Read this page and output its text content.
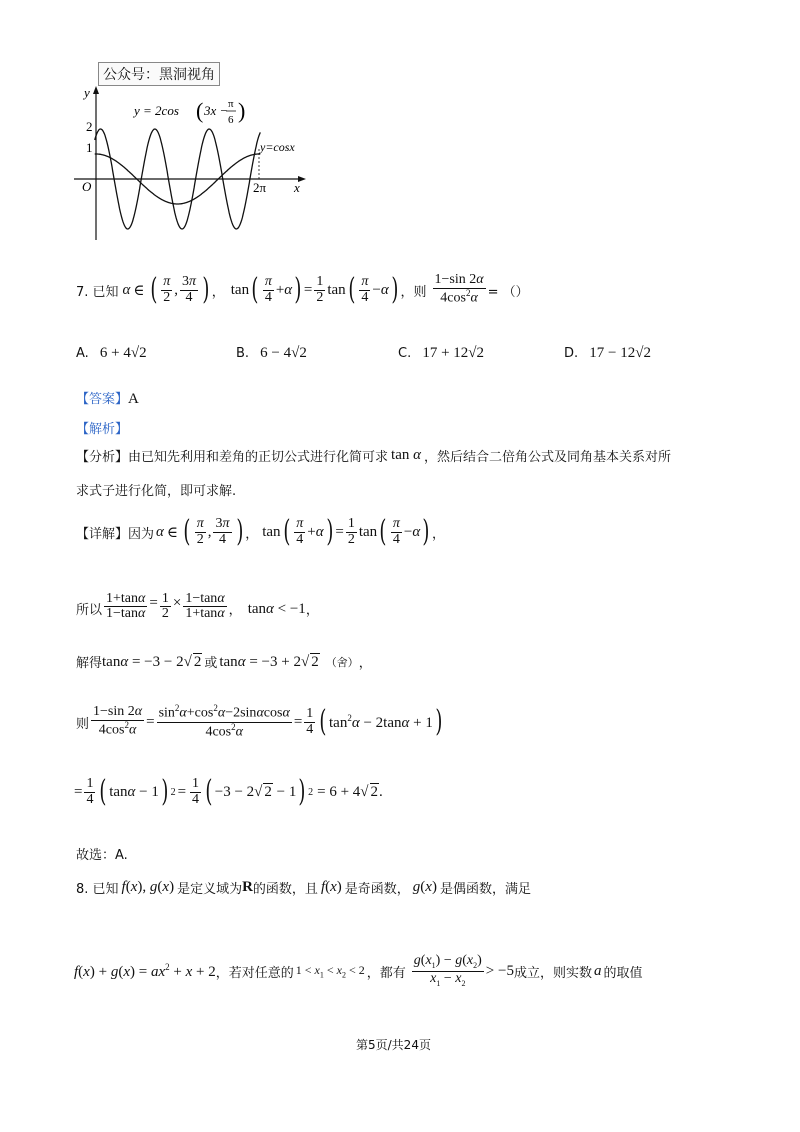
公众号：黑洞视角
y
x
O
2
1
2π
y=cosx
y = 2cos ( 3x − π
6 )
7. 已知 α ∈ ( $\frac{\pi}{2}$ , $\frac{3\pi}{4}$ ) ， tan ( $\frac{\pi}{4} +\alpha$ ) = $\frac{1}{2}$ tan ( $\frac{\pi}{4} -\alpha$ ) ，则 $\frac{1-\sin 2\alpha}{4\cos^2\alpha}$ = （）
A. 6 + 4√2	B. 6 − 4√2	C. 17 + 12√2	D. 17 − 12√2
【答案】A
【解析】
【分析】 由已知先利用和差角的正切公式进行化简可求 tan α ，然后结合二倍角公式及同角基本关系对所
求式子进行化简，即可求解.
【详解】因为 α ∈ ( $\frac{\pi}{2}$ , $\frac{3\pi}{4}$ ) ， tan ( $\frac{\pi}{4} +\alpha$ ) = $\frac{1}{2}$ tan ( $\frac{\pi}{4} -\alpha$ ) ，
所以 $\frac{1+\tan\alpha}{1-\tan\alpha} = \frac{1}{2} \times \frac{1-\tan\alpha}{1+\tan\alpha}$ ， tanα < −1 ，
解得 tanα = −3 − 2√ 2 或 tanα = −3 + 2√ 2 （舍） ，
则 $\frac{1-\sin 2\alpha}{4\cos^2\alpha} = \frac{\sin^2\alpha+\cos^2\alpha-2\sin\alpha\cos\alpha}{4\cos^2\alpha} = \frac{1}{4}$ ( $\tan^2\alpha - 2\tan\alpha + 1$ )
= $\frac{1}{4}$ ( tanα − 1 ) $2 = \frac{1}{4}$ ( −3 − 2√ 2 − 1 ) 2 = 6 + 4√ 2 .
故选：A.
8. 已知 f(x), g(x) 是定义域为 R 的函数，且 f(x) 是奇函数， g(x) 是偶函数，满足
$f(x) + g(x) = ax^2 + x + 2$ ，若对任意的 $1 < x_1 < x_2 < 2$ ，都有 $\frac{g(x_1) - g(x_2)}{x_1 - x_2} > -5$ 成立，则实数 a 的取值
第5页/共24页
